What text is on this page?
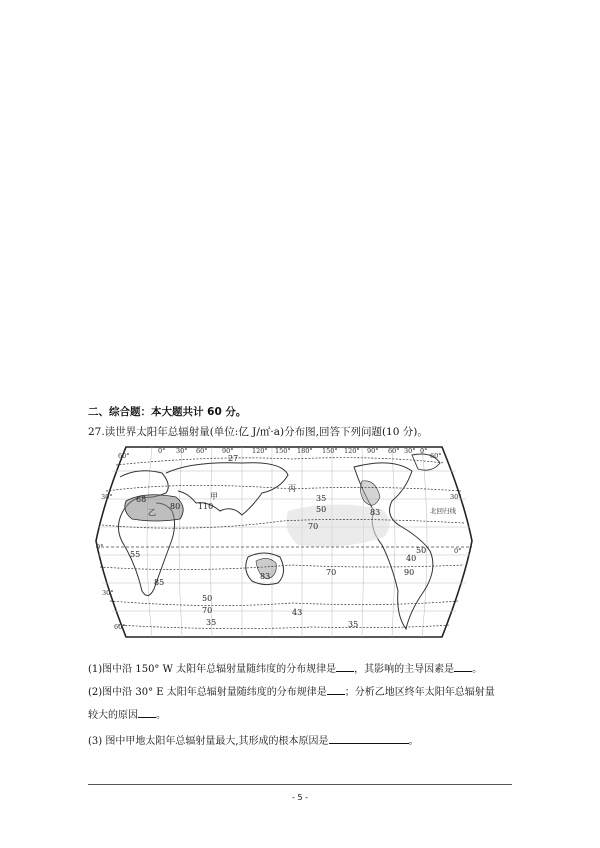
二、综合题：本大题共计 60 分。
27.读世界太阳年总辐射量(单位:亿 J/㎡·a)分布图,回答下列问题(10 分)。
60°
30°
0°
30°
60°
0°
30°
60°
0° 30° 60° 90°	120° 150° 180° 150° 120° 90° 60° 30° 0°
27
68
80 110
35
50
70
83
55	50
40
90
85
70
83
50
70	43
35	35
乙
甲
丙
北回归线
(1)图中沿 150° W 太阳年总辐射量随纬度的分布规律是 ，其影响的主导因素是 。
(2)图中沿 30° E 太阳年总辐射量随纬度的分布规律是 ；分析乙地区终年太阳年总辐射量
较大的原因 。
(3) 图中甲地太阳年总辐射量最大,其形成的根本原因是	。
- 5 -
